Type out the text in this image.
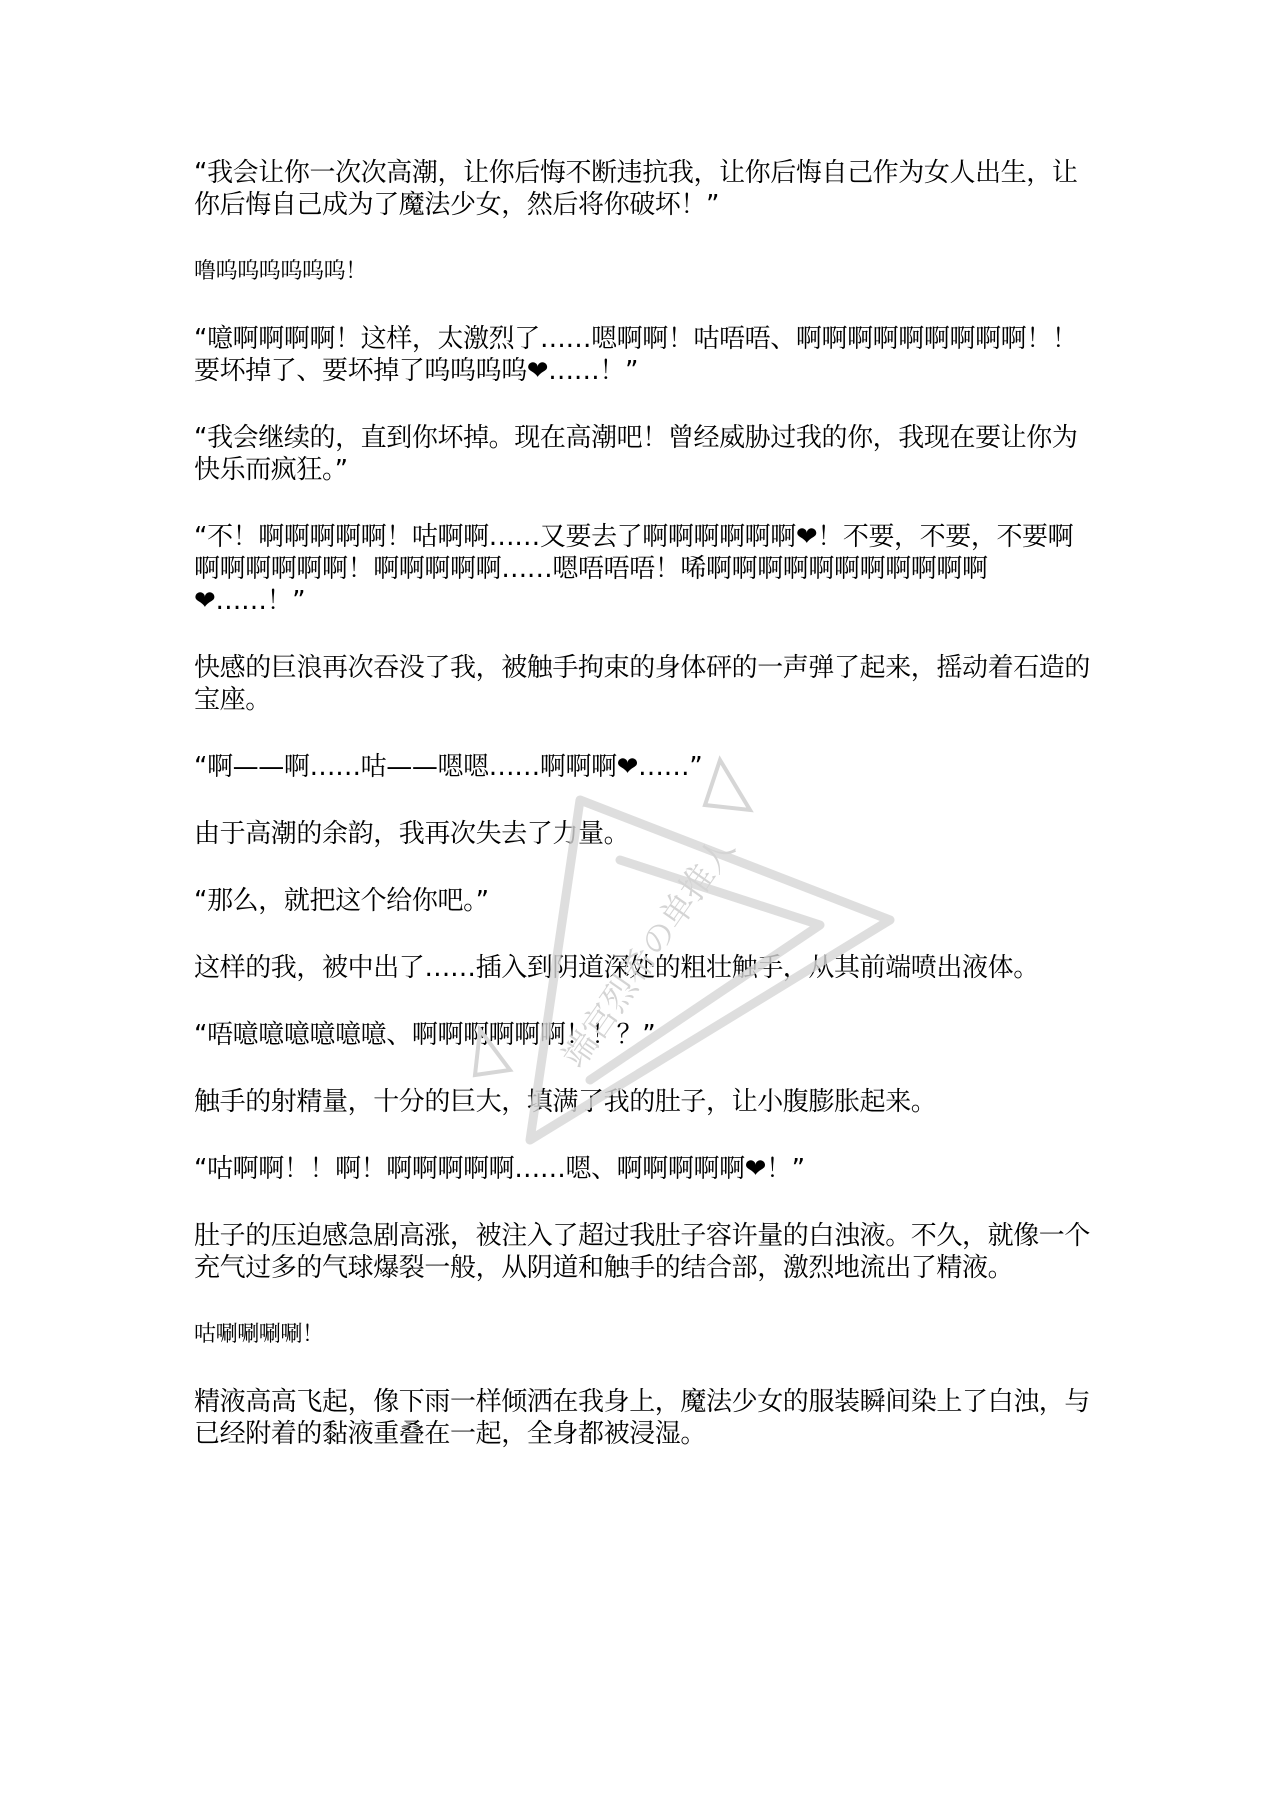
“我会让你一次次高潮，让你后悔不断违抗我，让你后悔自己作为女人出生，让你后悔自己成为了魔法少女，然后将你破坏！”

噜呜呜呜呜呜呜！

“噫啊啊啊啊！这样，太激烈了……嗯啊啊！咕唔唔、啊啊啊啊啊啊啊啊啊！！要坏掉了、要坏掉了呜呜呜呜❤……！”

“我会继续的，直到你坏掉。现在高潮吧！曾经威胁过我的你，我现在要让你为快乐而疯狂。”

“不！啊啊啊啊啊！咕啊啊……又要去了啊啊啊啊啊啊❤！不要，不要，不要啊啊啊啊啊啊啊！啊啊啊啊啊……嗯唔唔唔！唏啊啊啊啊啊啊啊啊啊啊啊❤……！”

快感的巨浪再次吞没了我，被触手拘束的身体砰的一声弹了起来，摇动着石造的宝座。

“啊——啊……咕——嗯嗯……啊啊啊❤……”

由于高潮的余韵，我再次失去了力量。

“那么，就把这个给你吧。”

这样的我，被中出了……插入到阴道深处的粗壮触手，从其前端喷出液体。

“唔噫噫噫噫噫噫、啊啊啊啊啊啊！！？”

触手的射精量，十分的巨大，填满了我的肚子，让小腹膨胀起来。

“咕啊啊！！啊！啊啊啊啊啊……嗯、啊啊啊啊啊❤！”

肚子的压迫感急剧高涨，被注入了超过我肚子容许量的白浊液。不久，就像一个充气过多的气球爆裂一般，从阴道和触手的结合部，激烈地流出了精液。

咕唰唰唰唰！

精液高高飞起，像下雨一样倾洒在我身上，魔法少女的服装瞬间染上了白浊，与已经附着的黏液重叠在一起，全身都被浸湿。

端宫烈希の单推人
